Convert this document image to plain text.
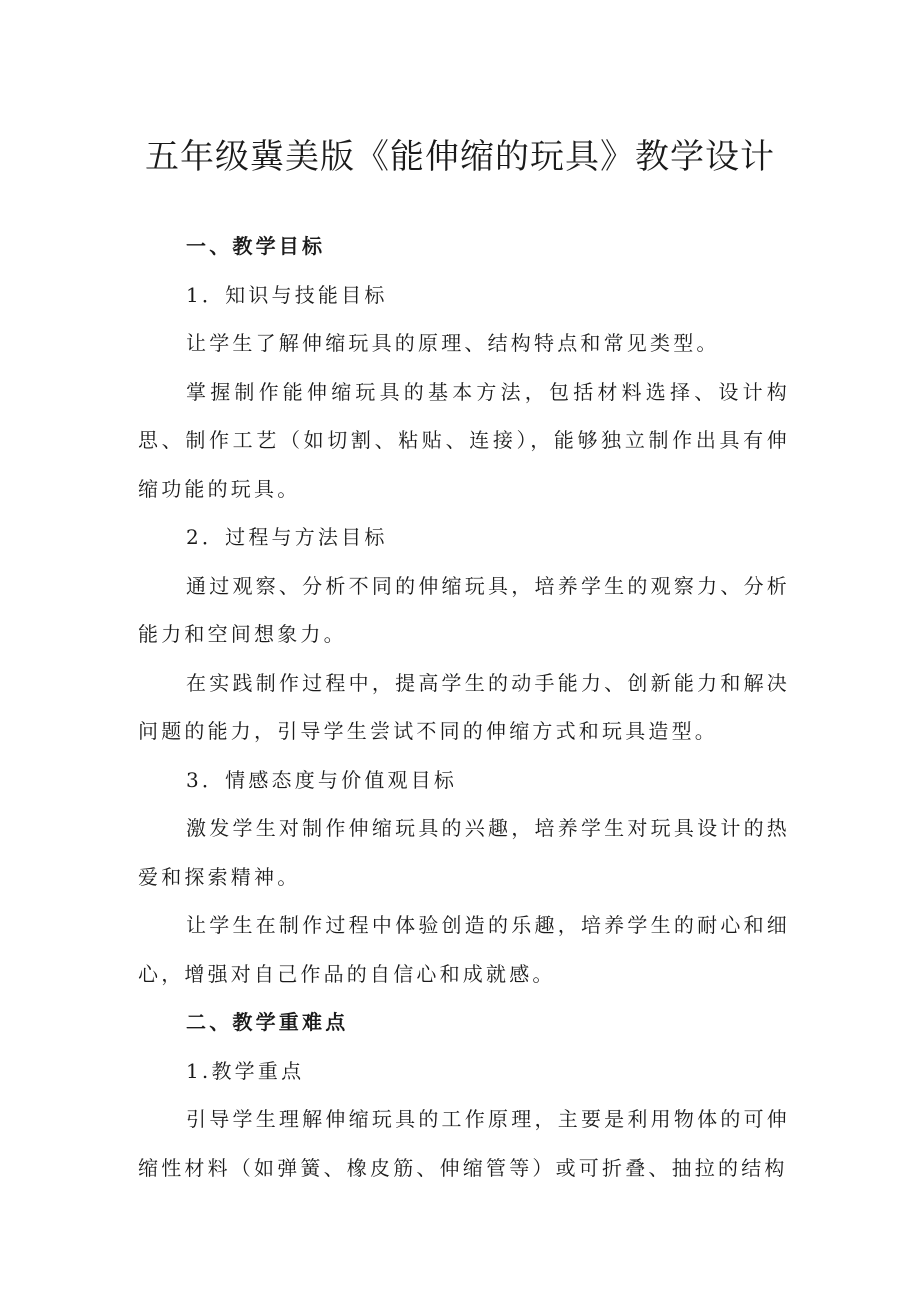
五年级冀美版《能伸缩的玩具》教学设计

一、教学目标

1．知识与技能目标

让学生了解伸缩玩具的原理、结构特点和常见类型。

掌握制作能伸缩玩具的基本方法，包括材料选择、设计构思、制作工艺（如切割、粘贴、连接），能够独立制作出具有伸缩功能的玩具。

2．过程与方法目标

通过观察、分析不同的伸缩玩具，培养学生的观察力、分析能力和空间想象力。

在实践制作过程中，提高学生的动手能力、创新能力和解决问题的能力，引导学生尝试不同的伸缩方式和玩具造型。

3．情感态度与价值观目标

激发学生对制作伸缩玩具的兴趣，培养学生对玩具设计的热爱和探索精神。

让学生在制作过程中体验创造的乐趣，培养学生的耐心和细心，增强对自己作品的自信心和成就感。

二、教学重难点

1.教学重点

引导学生理解伸缩玩具的工作原理，主要是利用物体的可伸缩性材料（如弹簧、橡皮筋、伸缩管等）或可折叠、抽拉的结构
